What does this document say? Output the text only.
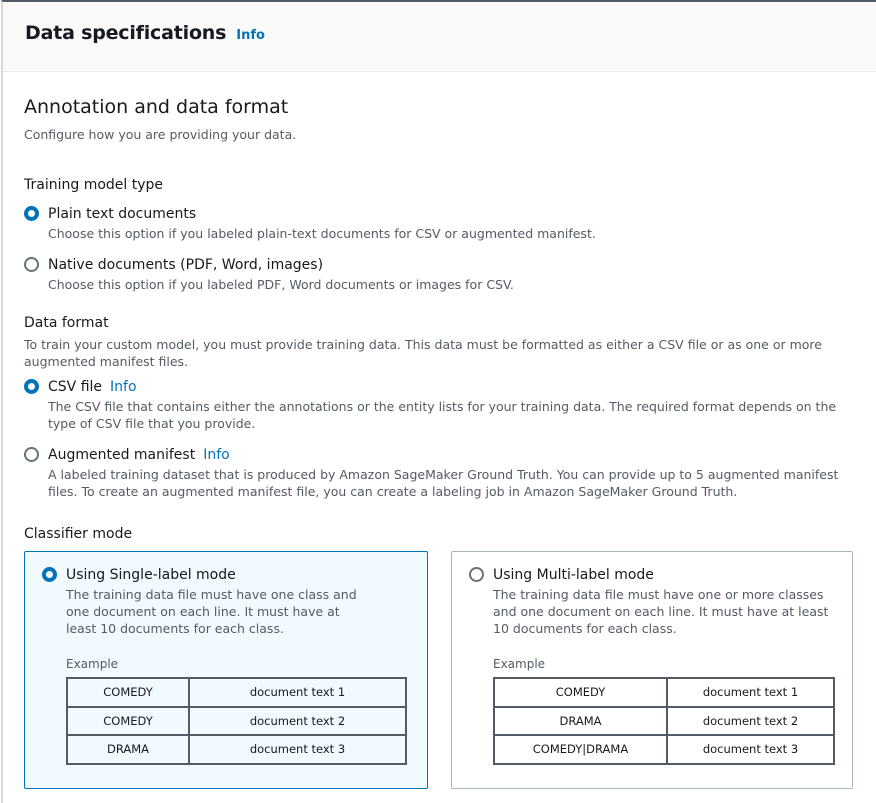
Data specifications Info
Annotation and data format
Configure how you are providing your data.
Training model type
Plain text documents
Choose this option if you labeled plain-text documents for CSV or augmented manifest.
Native documents (PDF, Word, images)
Choose this option if you labeled PDF, Word documents or images for CSV.
Data format
To train your custom model, you must provide training data. This data must be formatted as either a CSV file or as one or more augmented manifest files.
CSV file Info
The CSV file that contains either the annotations or the entity lists for your training data. The required format depends on the type of CSV file that you provide.
Augmented manifest Info
A labeled training dataset that is produced by Amazon SageMaker Ground Truth. You can provide up to 5 augmented manifest files. To create an augmented manifest file, you can create a labeling job in Amazon SageMaker Ground Truth.
Classifier mode
Using Single-label mode
The training data file must have one class and one document on each line. It must have at least 10 documents for each class.
Example
COMEDY	document text 1
COMEDY	document text 2
DRAMA	document text 3
Using Multi-label mode
The training data file must have one or more classes and one document on each line. It must have at least 10 documents for each class.
Example
COMEDY	document text 1
DRAMA	document text 2
COMEDY|DRAMA	document text 3
